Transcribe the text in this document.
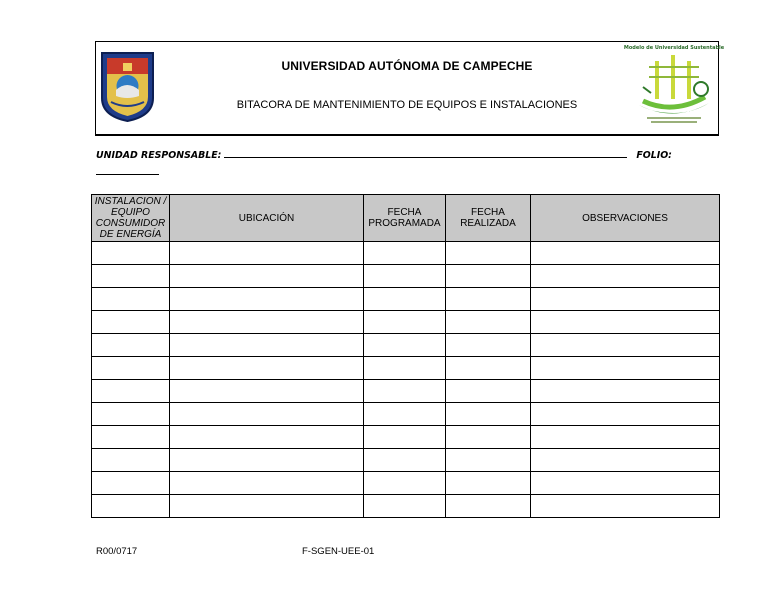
UNIVERSIDAD AUTÓNOMA DE CAMPECHE
BITACORA DE MANTENIMIENTO DE EQUIPOS E INSTALACIONES
Modelo de Universidad Sustentable
UNIDAD RESPONSABLE:	FOLIO:

INSTALACION / EQUIPO CONSUMIDOR DE ENERGÍA	UBICACIÓN	FECHA PROGRAMADA	FECHA REALIZADA	OBSERVACIONES

R00/0717	F-SGEN-UEE-01
